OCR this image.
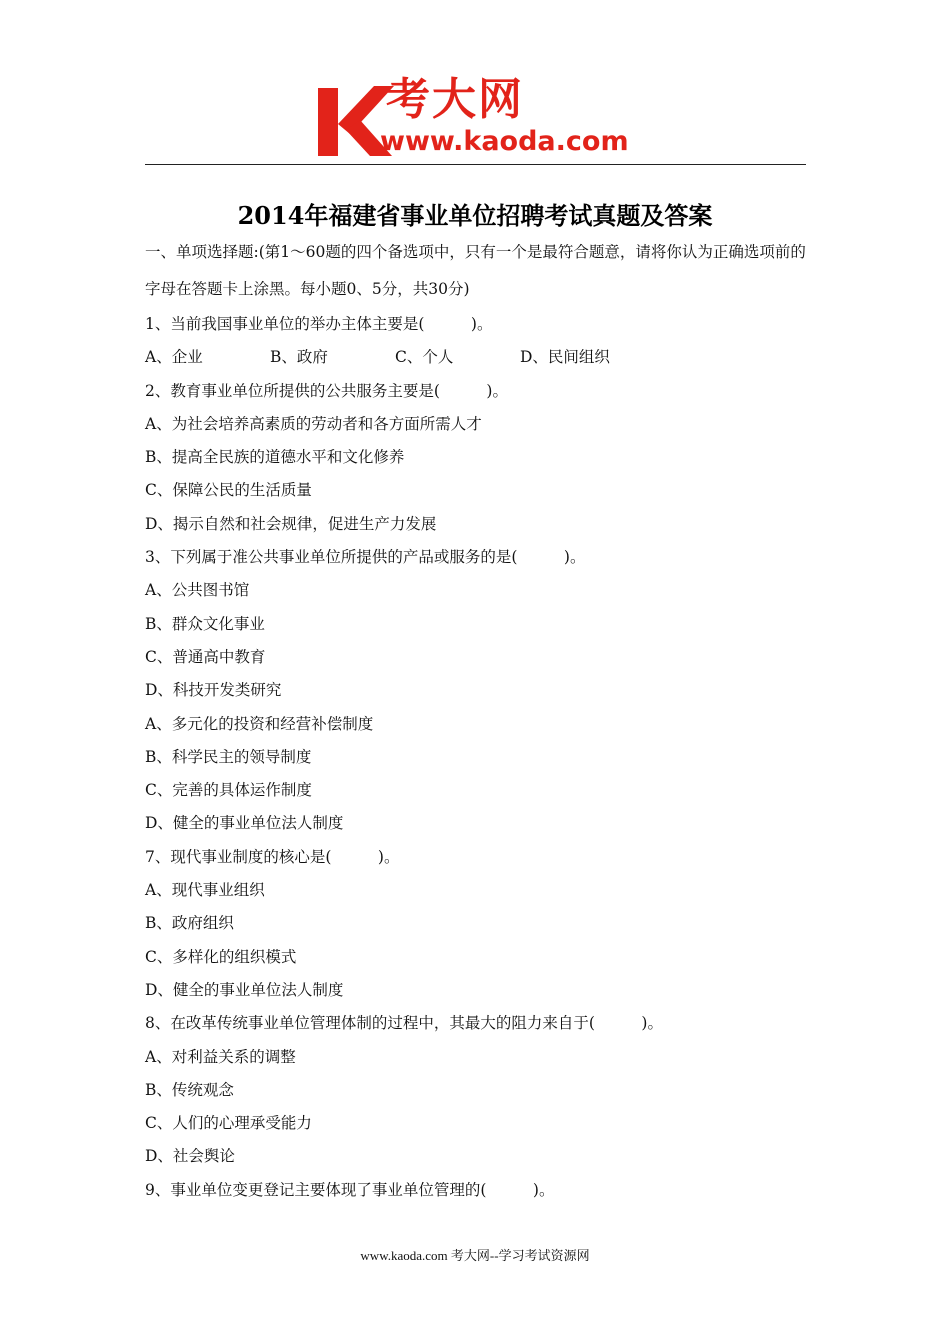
考大网
www.kaoda.com
2014年福建省事业单位招聘考试真题及答案

一、单项选择题:(第1～60题的四个备选项中，只有一个是最符合题意，请将你认为正确选项前的字母在答题卡上涂黑。每小题0、5分，共30分)

1、当前我国事业单位的举办主体主要是(　　　)。

A、企业	B、政府	C、个人	D、民间组织

2、教育事业单位所提供的公共服务主要是(　　　)。

A、为社会培养高素质的劳动者和各方面所需人才

B、提高全民族的道德水平和文化修养

C、保障公民的生活质量

D、揭示自然和社会规律，促进生产力发展

3、下列属于准公共事业单位所提供的产品或服务的是(　　　)。

A、公共图书馆

B、群众文化事业

C、普通高中教育

D、科技开发类研究

A、多元化的投资和经营补偿制度

B、科学民主的领导制度

C、完善的具体运作制度

D、健全的事业单位法人制度

7、现代事业制度的核心是(　　　)。

A、现代事业组织

B、政府组织

C、多样化的组织模式

D、健全的事业单位法人制度

8、在改革传统事业单位管理体制的过程中，其最大的阻力来自于(　　　)。

A、对利益关系的调整

B、传统观念

C、人们的心理承受能力

D、社会舆论

9、事业单位变更登记主要体现了事业单位管理的(　　　)。

www.kaoda.com 考大网--学习考试资源网
